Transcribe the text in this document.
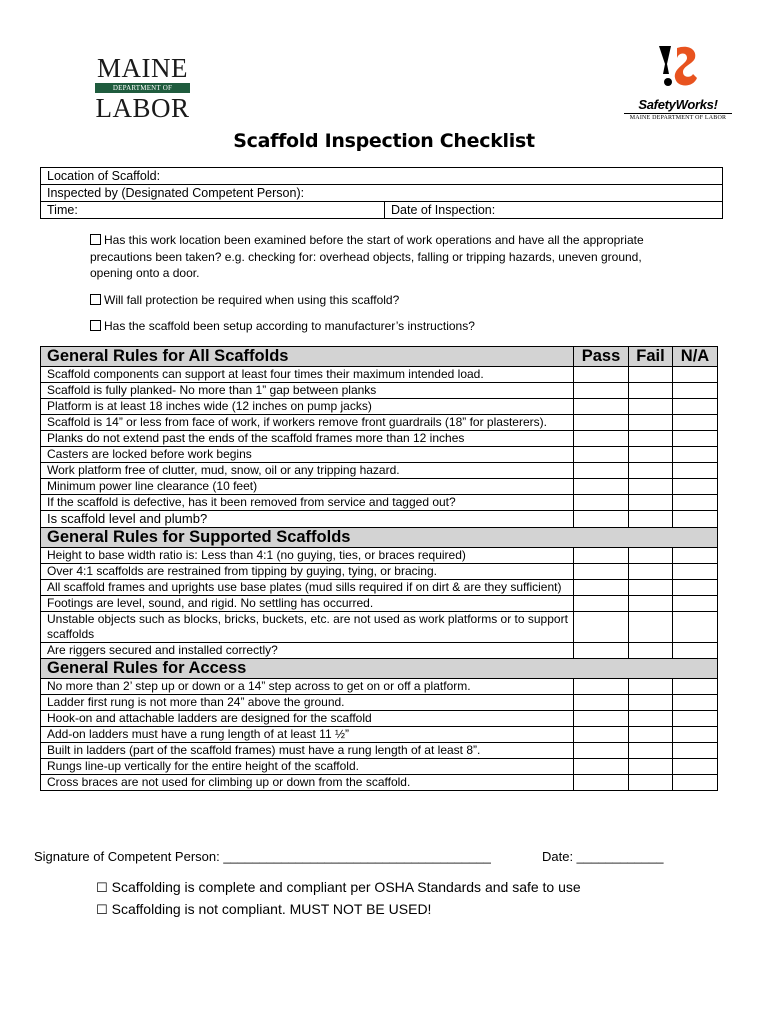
MAINE
DEPARTMENT OF
LABOR	SafetyWorks!
MAINE DEPARTMENT OF LABOR
Scaffold Inspection Checklist
Location of Scaffold:
Inspected by (Designated Competent Person):
Time:	Date of Inspection:
Has this work location been examined before the start of work operations and have all the appropriate precautions been taken? e.g. checking for: overhead objects, falling or tripping hazards, uneven ground, opening onto a door.
Will fall protection be required when using this scaffold?
Has the scaffold been setup according to manufacturer’s instructions?
General Rules for All Scaffolds	Pass	Fail	N/A
Scaffold components can support at least four times their maximum intended load.			
Scaffold is fully planked- No more than 1” gap between planks			
Platform is at least 18 inches wide (12 inches on pump jacks)			
Scaffold is 14” or less from face of work, if workers remove front guardrails (18” for plasterers).			
Planks do not extend past the ends of the scaffold frames more than 12 inches			
Casters are locked before work begins			
Work platform free of clutter, mud, snow, oil or any tripping hazard.			
Minimum power line clearance (10 feet)			
If the scaffold is defective, has it been removed from service and tagged out?			
Is scaffold level and plumb?			
General Rules for Supported Scaffolds			
Height to base width ratio is: Less than 4:1 (no guying, ties, or braces required)			
Over 4:1 scaffolds are restrained from tipping by guying, tying, or bracing.			
All scaffold frames and uprights use base plates (mud sills required if on dirt & are they sufficient)			
Footings are level, sound, and rigid. No settling has occurred.			
Unstable objects such as blocks, bricks, buckets, etc. are not used as work platforms or to support scaffolds			
Are riggers secured and installed correctly?			
General Rules for Access			
No more than 2’ step up or down or a 14” step across to get on or off a platform.			
Ladder first rung is not more than 24” above the ground.			
Hook-on and attachable ladders are designed for the scaffold			
Add-on ladders must have a rung length of at least 11 ½”			
Built in ladders (part of the scaffold frames) must have a rung length of at least 8”.			
Rungs line-up vertically for the entire height of the scaffold.			
Cross braces are not used for climbing up or down from the scaffold.			
Signature of Competent Person: _____________________________________	Date: ____________
☐ Scaffolding is complete and compliant per OSHA Standards and safe to use
☐ Scaffolding is not compliant. MUST NOT BE USED!
